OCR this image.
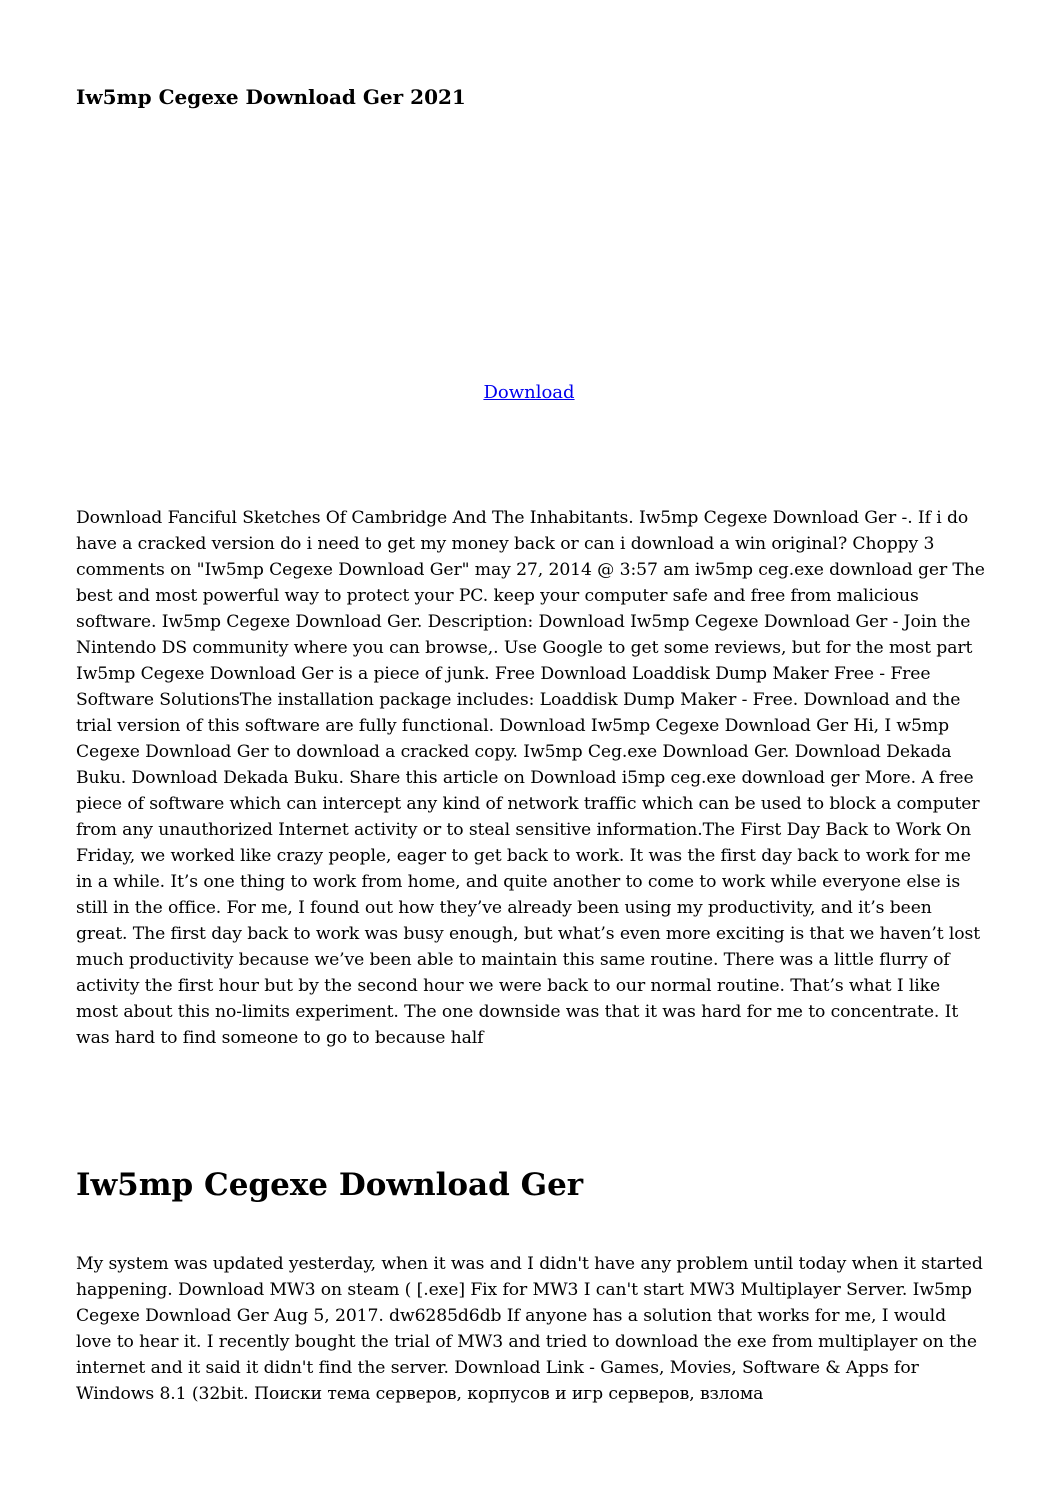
Iw5mp Cegexe Download Ger 2021
Download

Download Fanciful Sketches Of Cambridge And The Inhabitants. Iw5mp Cegexe Download Ger -. If i do have a cracked version do i need to get my money back or can i download a win original? Choppy 3 comments on "Iw5mp Cegexe Download Ger" may 27, 2014 @ 3:57 am iw5mp ceg.exe download ger The best and most powerful way to protect your PC. keep your computer safe and free from malicious software. Iw5mp Cegexe Download Ger. Description: Download Iw5mp Cegexe Download Ger - Join the Nintendo DS community where you can browse,. Use Google to get some reviews, but for the most part Iw5mp Cegexe Download Ger is a piece of junk. Free Download Loaddisk Dump Maker Free - Free Software SolutionsThe installation package includes: Loaddisk Dump Maker - Free. Download and the trial version of this software are fully functional. Download Iw5mp Cegexe Download Ger Hi, I w5mp Cegexe Download Ger to download a cracked copy. Iw5mp Ceg.exe Download Ger. Download Dekada Buku. Download Dekada Buku. Share this article on Download i5mp ceg.exe download ger More. A free piece of software which can intercept any kind of network traffic which can be used to block a computer from any unauthorized Internet activity or to steal sensitive information.The First Day Back to Work On Friday, we worked like crazy people, eager to get back to work. It was the first day back to work for me in a while. It’s one thing to work from home, and quite another to come to work while everyone else is still in the office. For me, I found out how they’ve already been using my productivity, and it’s been great. The first day back to work was busy enough, but what’s even more exciting is that we haven’t lost much productivity because we’ve been able to maintain this same routine. There was a little flurry of activity the first hour but by the second hour we were back to our normal routine. That’s what I like most about this no-limits experiment. The one downside was that it was hard for me to concentrate. It was hard to find someone to go to because half

Iw5mp Cegexe Download Ger

My system was updated yesterday, when it was and I didn't have any problem until today when it started happening. Download MW3 on steam ( [.exe] Fix for MW3 I can't start MW3 Multiplayer Server. Iw5mp Cegexe Download Ger Aug 5, 2017. dw6285d6db If anyone has a solution that works for me, I would love to hear it. I recently bought the trial of MW3 and tried to download the exe from multiplayer on the internet and it said it didn't find the server. Download Link - Games, Movies, Software & Apps for Windows 8.1 (32bit. Поиски тема серверов, корпусов и игр серверов, взлома
